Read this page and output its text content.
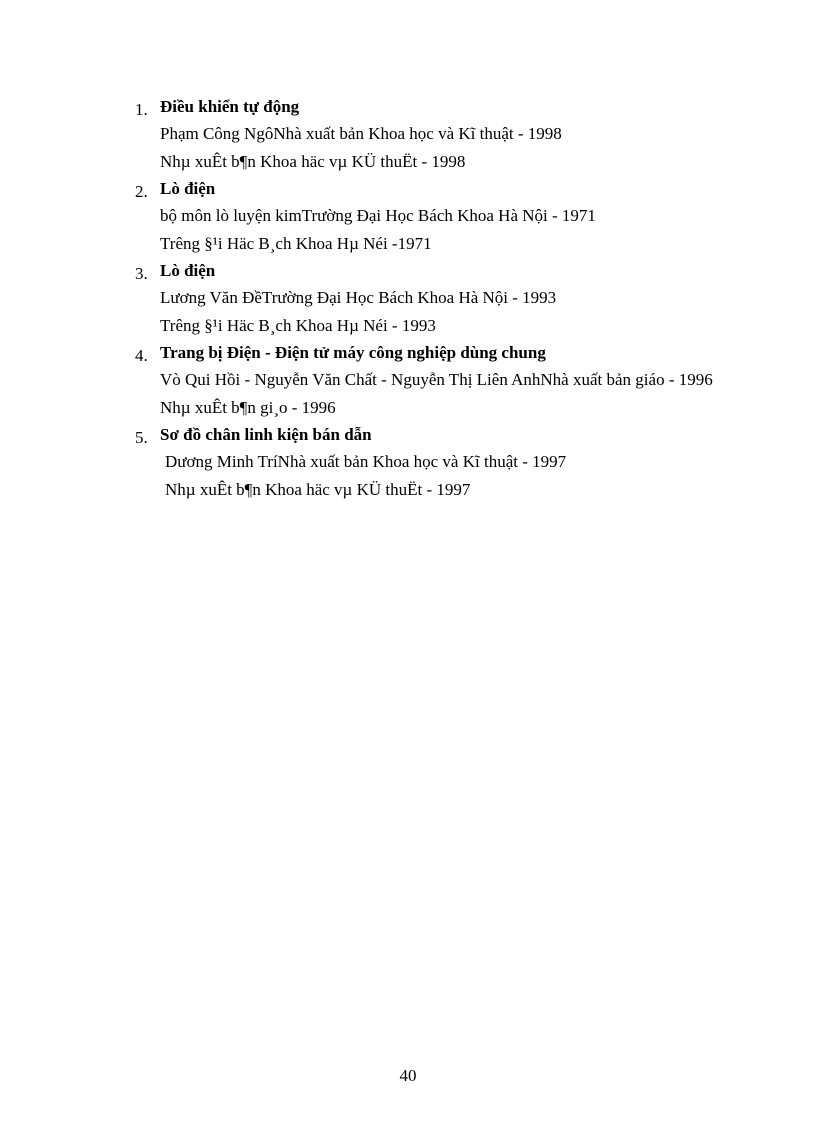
1. Điều khiển tự động
Phạm Công NgôNhà xuất bản Khoa học và Kĩ thuật - 1998
Nhµ xuÊt b¶n Khoa häc vµ KÜ thuËt - 1998
2. Lò điện
bộ môn lò luyện kimTrường Đại Học Bách Khoa Hà Nội - 1971
Trêng §¹i Häc B¸ch Khoa Hµ Néi -1971
3. Lò điện
Lương Văn ĐềTrường Đại Học Bách Khoa Hà Nội - 1993
Trêng §¹i Häc B¸ch Khoa Hµ Néi - 1993
4. Trang bị Điện - Điện tử máy công nghiệp dùng chung
Vò Qui Hồi - Nguyễn Văn Chất - Nguyễn Thị Liên AnhNhà xuất bản giáo - 1996
Nhµ xuÊt b¶n gi¸o - 1996
5. Sơ đồ chân linh kiện bán dẫn
Dương Minh TríNhà xuất bản Khoa học và Kĩ thuật - 1997
Nhµ xuÊt b¶n Khoa häc vµ KÜ thuËt - 1997
40
